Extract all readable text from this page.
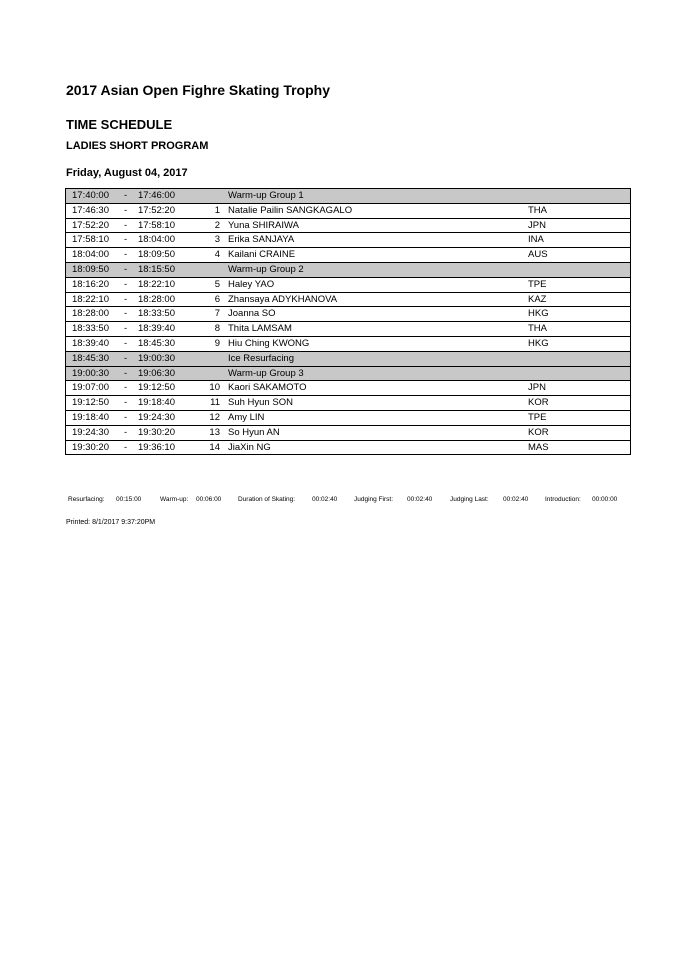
2017 Asian Open Fighre Skating Trophy
TIME SCHEDULE
LADIES SHORT PROGRAM
Friday, August 04, 2017
17:40:00 - 17:46:00	Warm-up Group 1
17:46:30 - 17:52:20	1 Natalie Pailin SANGKAGALO	THA
17:52:20 - 17:58:10	2 Yuna SHIRAIWA	JPN
17:58:10 - 18:04:00	3 Erika SANJAYA	INA
18:04:00 - 18:09:50	4 Kailani CRAINE	AUS
18:09:50 - 18:15:50	Warm-up Group 2
18:16:20 - 18:22:10	5 Haley YAO	TPE
18:22:10 - 18:28:00	6 Zhansaya ADYKHANOVA	KAZ
18:28:00 - 18:33:50	7 Joanna SO	HKG
18:33:50 - 18:39:40	8 Thita LAMSAM	THA
18:39:40 - 18:45:30	9 Hiu Ching KWONG	HKG
18:45:30 - 19:00:30	Ice Resurfacing
19:00:30 - 19:06:30	Warm-up Group 3
19:07:00 - 19:12:50	10 Kaori SAKAMOTO	JPN
19:12:50 - 19:18:40	11 Suh Hyun SON	KOR
19:18:40 - 19:24:30	12 Amy LIN	TPE
19:24:30 - 19:30:20	13 So Hyun AN	KOR
19:30:20 - 19:36:10	14 JiaXin NG	MAS
Resurfacing: 00:15:00	Warm-up: 00:06:00	Duration of Skating:	00:02:40	Judging First: 00:02:40	Judging Last: 00:02:40	Introduction: 00:00:00
Printed: 8/1/2017 9:37:20PM
